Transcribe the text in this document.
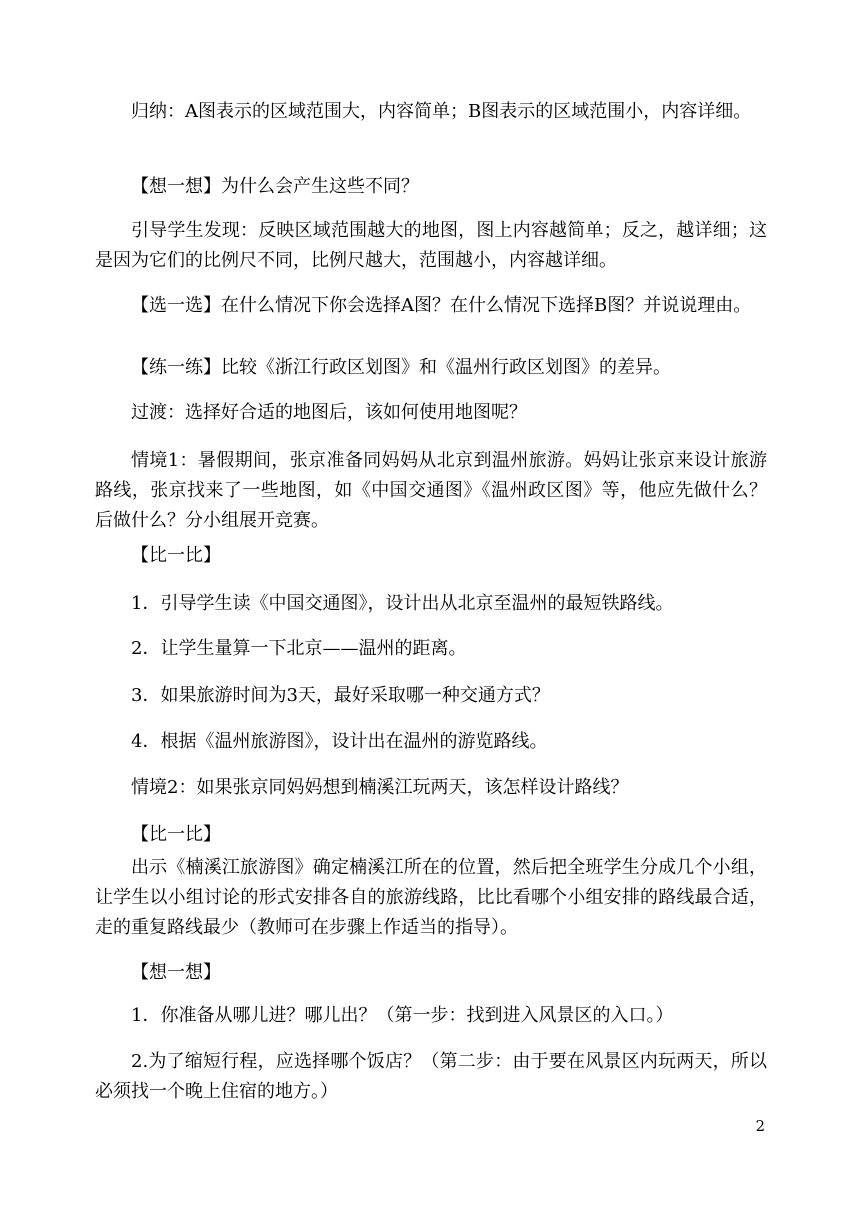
归纳：A图表示的区域范围大，内容简单；B图表示的区域范围小，内容详细。

【想一想】为什么会产生这些不同？

引导学生发现：反映区域范围越大的地图，图上内容越简单；反之，越详细；这是因为它们的比例尺不同，比例尺越大，范围越小，内容越详细。

【选一选】在什么情况下你会选择A图？在什么情况下选择B图？并说说理由。

【练一练】比较《浙江行政区划图》和《温州行政区划图》的差异。

过渡：选择好合适的地图后，该如何使用地图呢？

情境1：暑假期间，张京准备同妈妈从北京到温州旅游。妈妈让张京来设计旅游路线，张京找来了一些地图，如《中国交通图》《温州政区图》等，他应先做什么？后做什么？分小组展开竞赛。

【比一比】

1．引导学生读《中国交通图》，设计出从北京至温州的最短铁路线。

2．让学生量算一下北京——温州的距离。

3．如果旅游时间为3天，最好采取哪一种交通方式？

4．根据《温州旅游图》，设计出在温州的游览路线。

情境2：如果张京同妈妈想到楠溪江玩两天，该怎样设计路线？

【比一比】

出示《楠溪江旅游图》确定楠溪江所在的位置，然后把全班学生分成几个小组，让学生以小组讨论的形式安排各自的旅游线路，比比看哪个小组安排的路线最合适，走的重复路线最少（教师可在步骤上作适当的指导）。

【想一想】

1．你准备从哪儿进？哪儿出？（第一步：找到进入风景区的入口。）

2.为了缩短行程，应选择哪个饭店？（第二步：由于要在风景区内玩两天，所以必须找一个晚上住宿的地方。）

2
